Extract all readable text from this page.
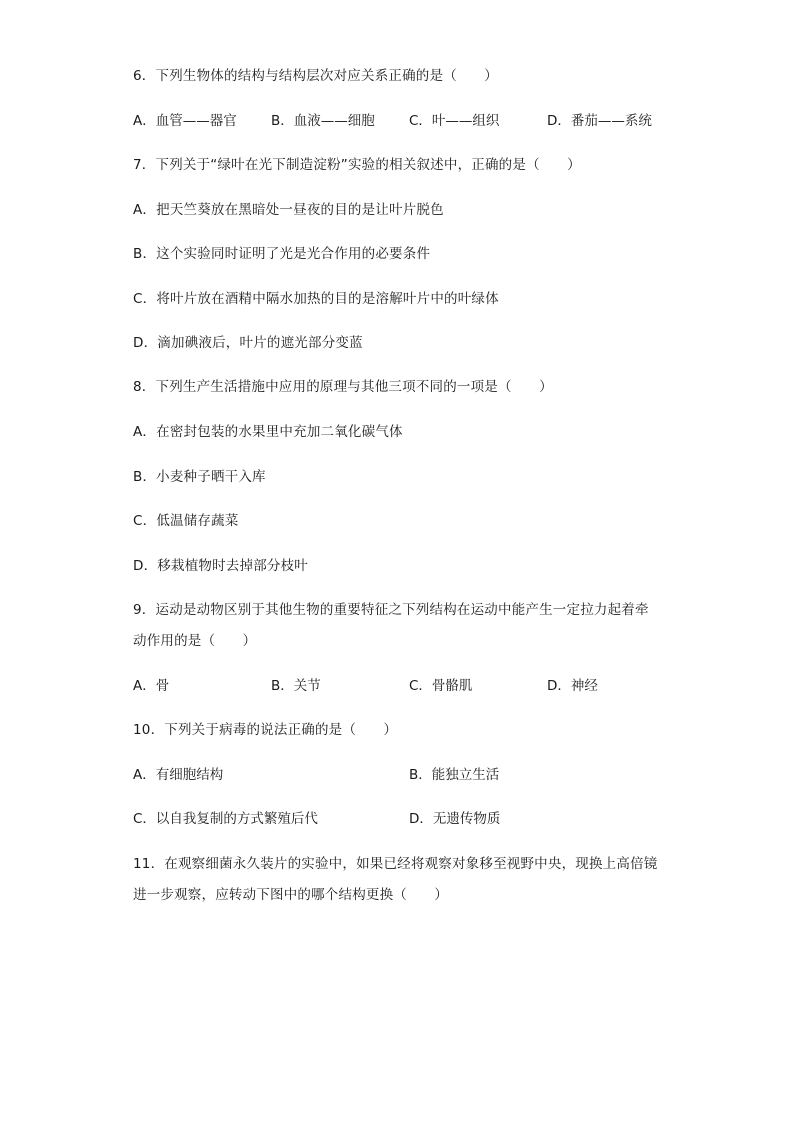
6．下列生物体的结构与结构层次对应关系正确的是（　　）
A．血管——器官	B．血液——细胞	C．叶——组织	D．番茄——系统
7．下列关于“绿叶在光下制造淀粉”实验的相关叙述中，正确的是（　　）
A．把天竺葵放在黑暗处一昼夜的目的是让叶片脱色
B．这个实验同时证明了光是光合作用的必要条件
C．将叶片放在酒精中隔水加热的目的是溶解叶片中的叶绿体
D．滴加碘液后，叶片的遮光部分变蓝
8．下列生产生活措施中应用的原理与其他三项不同的一项是（　　）
A．在密封包装的水果里中充加二氧化碳气体
B．小麦种子晒干入库
C．低温储存蔬菜
D．移栽植物时去掉部分枝叶
9．运动是动物区别于其他生物的重要特征之下列结构在运动中能产生一定拉力起着牵
动作用的是（　　）
A．骨	B．关节	C．骨骼肌	D．神经
10．下列关于病毒的说法正确的是（　　）
A．有细胞结构	B．能独立生活
C．以自我复制的方式繁殖后代	D．无遗传物质
11．在观察细菌永久装片的实验中，如果已经将观察对象移至视野中央，现换上高倍镜
进一步观察，应转动下图中的哪个结构更换（　　）
